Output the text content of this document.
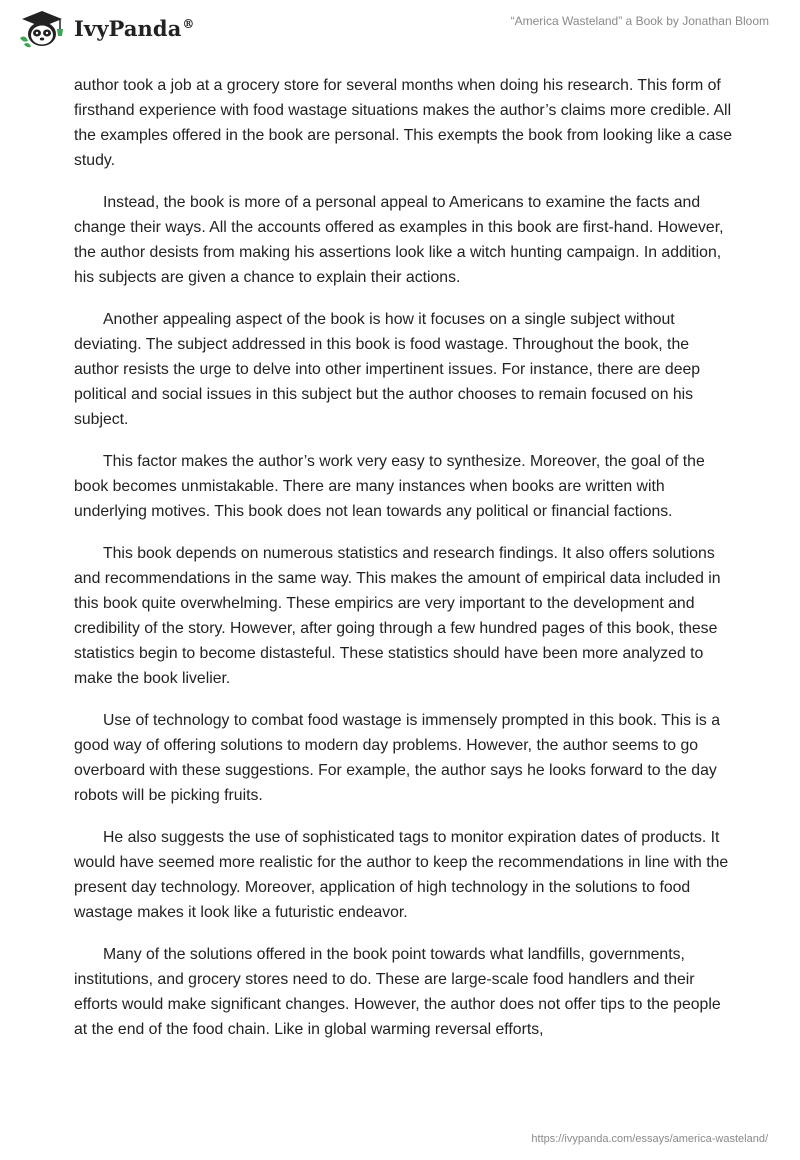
IvyPanda®	“America Wasteland” a Book by Jonathan Bloom

author took a job at a grocery store for several months when doing his research. This form of firsthand experience with food wastage situations makes the author’s claims more credible. All the examples offered in the book are personal. This exempts the book from looking like a case study.

Instead, the book is more of a personal appeal to Americans to examine the facts and change their ways. All the accounts offered as examples in this book are first-hand. However, the author desists from making his assertions look like a witch hunting campaign. In addition, his subjects are given a chance to explain their actions.

Another appealing aspect of the book is how it focuses on a single subject without deviating. The subject addressed in this book is food wastage. Throughout the book, the author resists the urge to delve into other impertinent issues. For instance, there are deep political and social issues in this subject but the author chooses to remain focused on his subject.

This factor makes the author’s work very easy to synthesize. Moreover, the goal of the book becomes unmistakable. There are many instances when books are written with underlying motives. This book does not lean towards any political or financial factions.

This book depends on numerous statistics and research findings. It also offers solutions and recommendations in the same way. This makes the amount of empirical data included in this book quite overwhelming. These empirics are very important to the development and credibility of the story. However, after going through a few hundred pages of this book, these statistics begin to become distasteful. These statistics should have been more analyzed to make the book livelier.

Use of technology to combat food wastage is immensely prompted in this book. This is a good way of offering solutions to modern day problems. However, the author seems to go overboard with these suggestions. For example, the author says he looks forward to the day robots will be picking fruits.

He also suggests the use of sophisticated tags to monitor expiration dates of products. It would have seemed more realistic for the author to keep the recommendations in line with the present day technology. Moreover, application of high technology in the solutions to food wastage makes it look like a futuristic endeavor.

Many of the solutions offered in the book point towards what landfills, governments, institutions, and grocery stores need to do. These are large-scale food handlers and their efforts would make significant changes. However, the author does not offer tips to the people at the end of the food chain. Like in global warming reversal efforts,

https://ivypanda.com/essays/america-wasteland/
